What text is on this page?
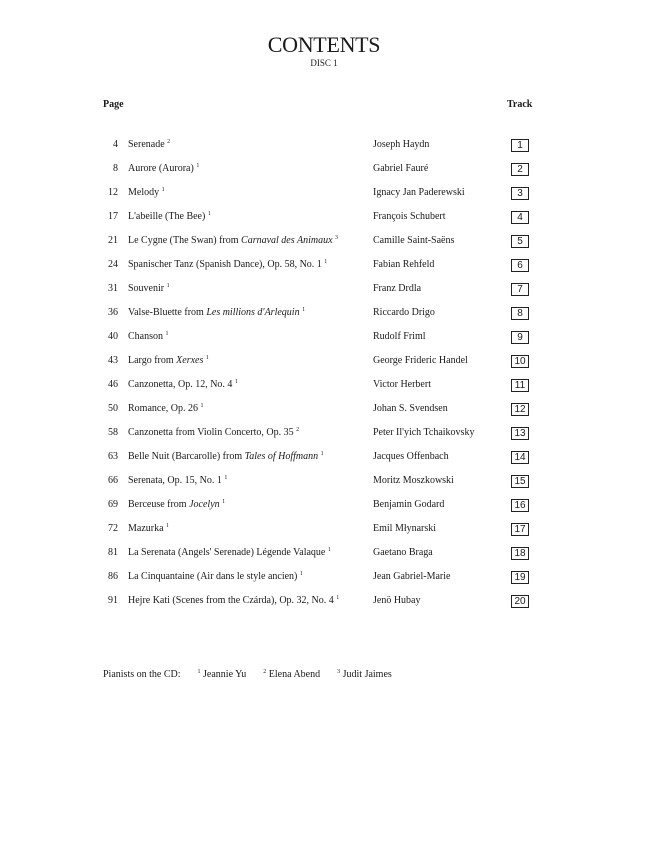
CONTENTS
DISC 1
Page	Track
4 Serenade $^2$	Joseph Haydn	1
8 Aurore (Aurora) $^1$	Gabriel Fauré	2
12 Melody $^1$	Ignacy Jan Paderewski	3
17 L'abeille (The Bee) $^1$	François Schubert	4
21 Le Cygne (The Swan) from Carnaval des Animaux $^3$	Camille Saint-Saëns	5
24 Spanischer Tanz (Spanish Dance), Op. 58, No. 1 $^1$	Fabian Rehfeld	6
31 Souvenir $^1$	Franz Drdla	7
36 Valse-Bluette from Les millions d'Arlequin $^1$	Riccardo Drigo	8
40 Chanson $^1$	Rudolf Friml	9
43 Largo from Xerxes $^1$	George Frideric Handel	10
46 Canzonetta, Op. 12, No. 4 $^1$	Victor Herbert	11
50 Romance, Op. 26 $^1$	Johan S. Svendsen	12
58 Canzonetta from Violin Concerto, Op. 35 $^2$	Peter Il'yich Tchaikovsky	13
63 Belle Nuit (Barcarolle) from Tales of Hoffmann $^1$	Jacques Offenbach	14
66 Serenata, Op. 15, No. 1 $^1$	Moritz Moszkowski	15
69 Berceuse from Jocelyn $^1$	Benjamin Godard	16
72 Mazurka $^1$	Emil Młynarski	17
81 La Serenata (Angels' Serenade) Légende Valaque $^1$	Gaetano Braga	18
86 La Cinquantaine (Air dans le style ancien) $^1$	Jean Gabriel-Marie	19
91 Hejre Kati (Scenes from the Czárda), Op. 32, No. 4 $^1$	Jenö Hubay	20
Pianists on the CD:	$^1$ Jeannie Yu	$^2$ Elena Abend	$^3$ Judit Jaimes
